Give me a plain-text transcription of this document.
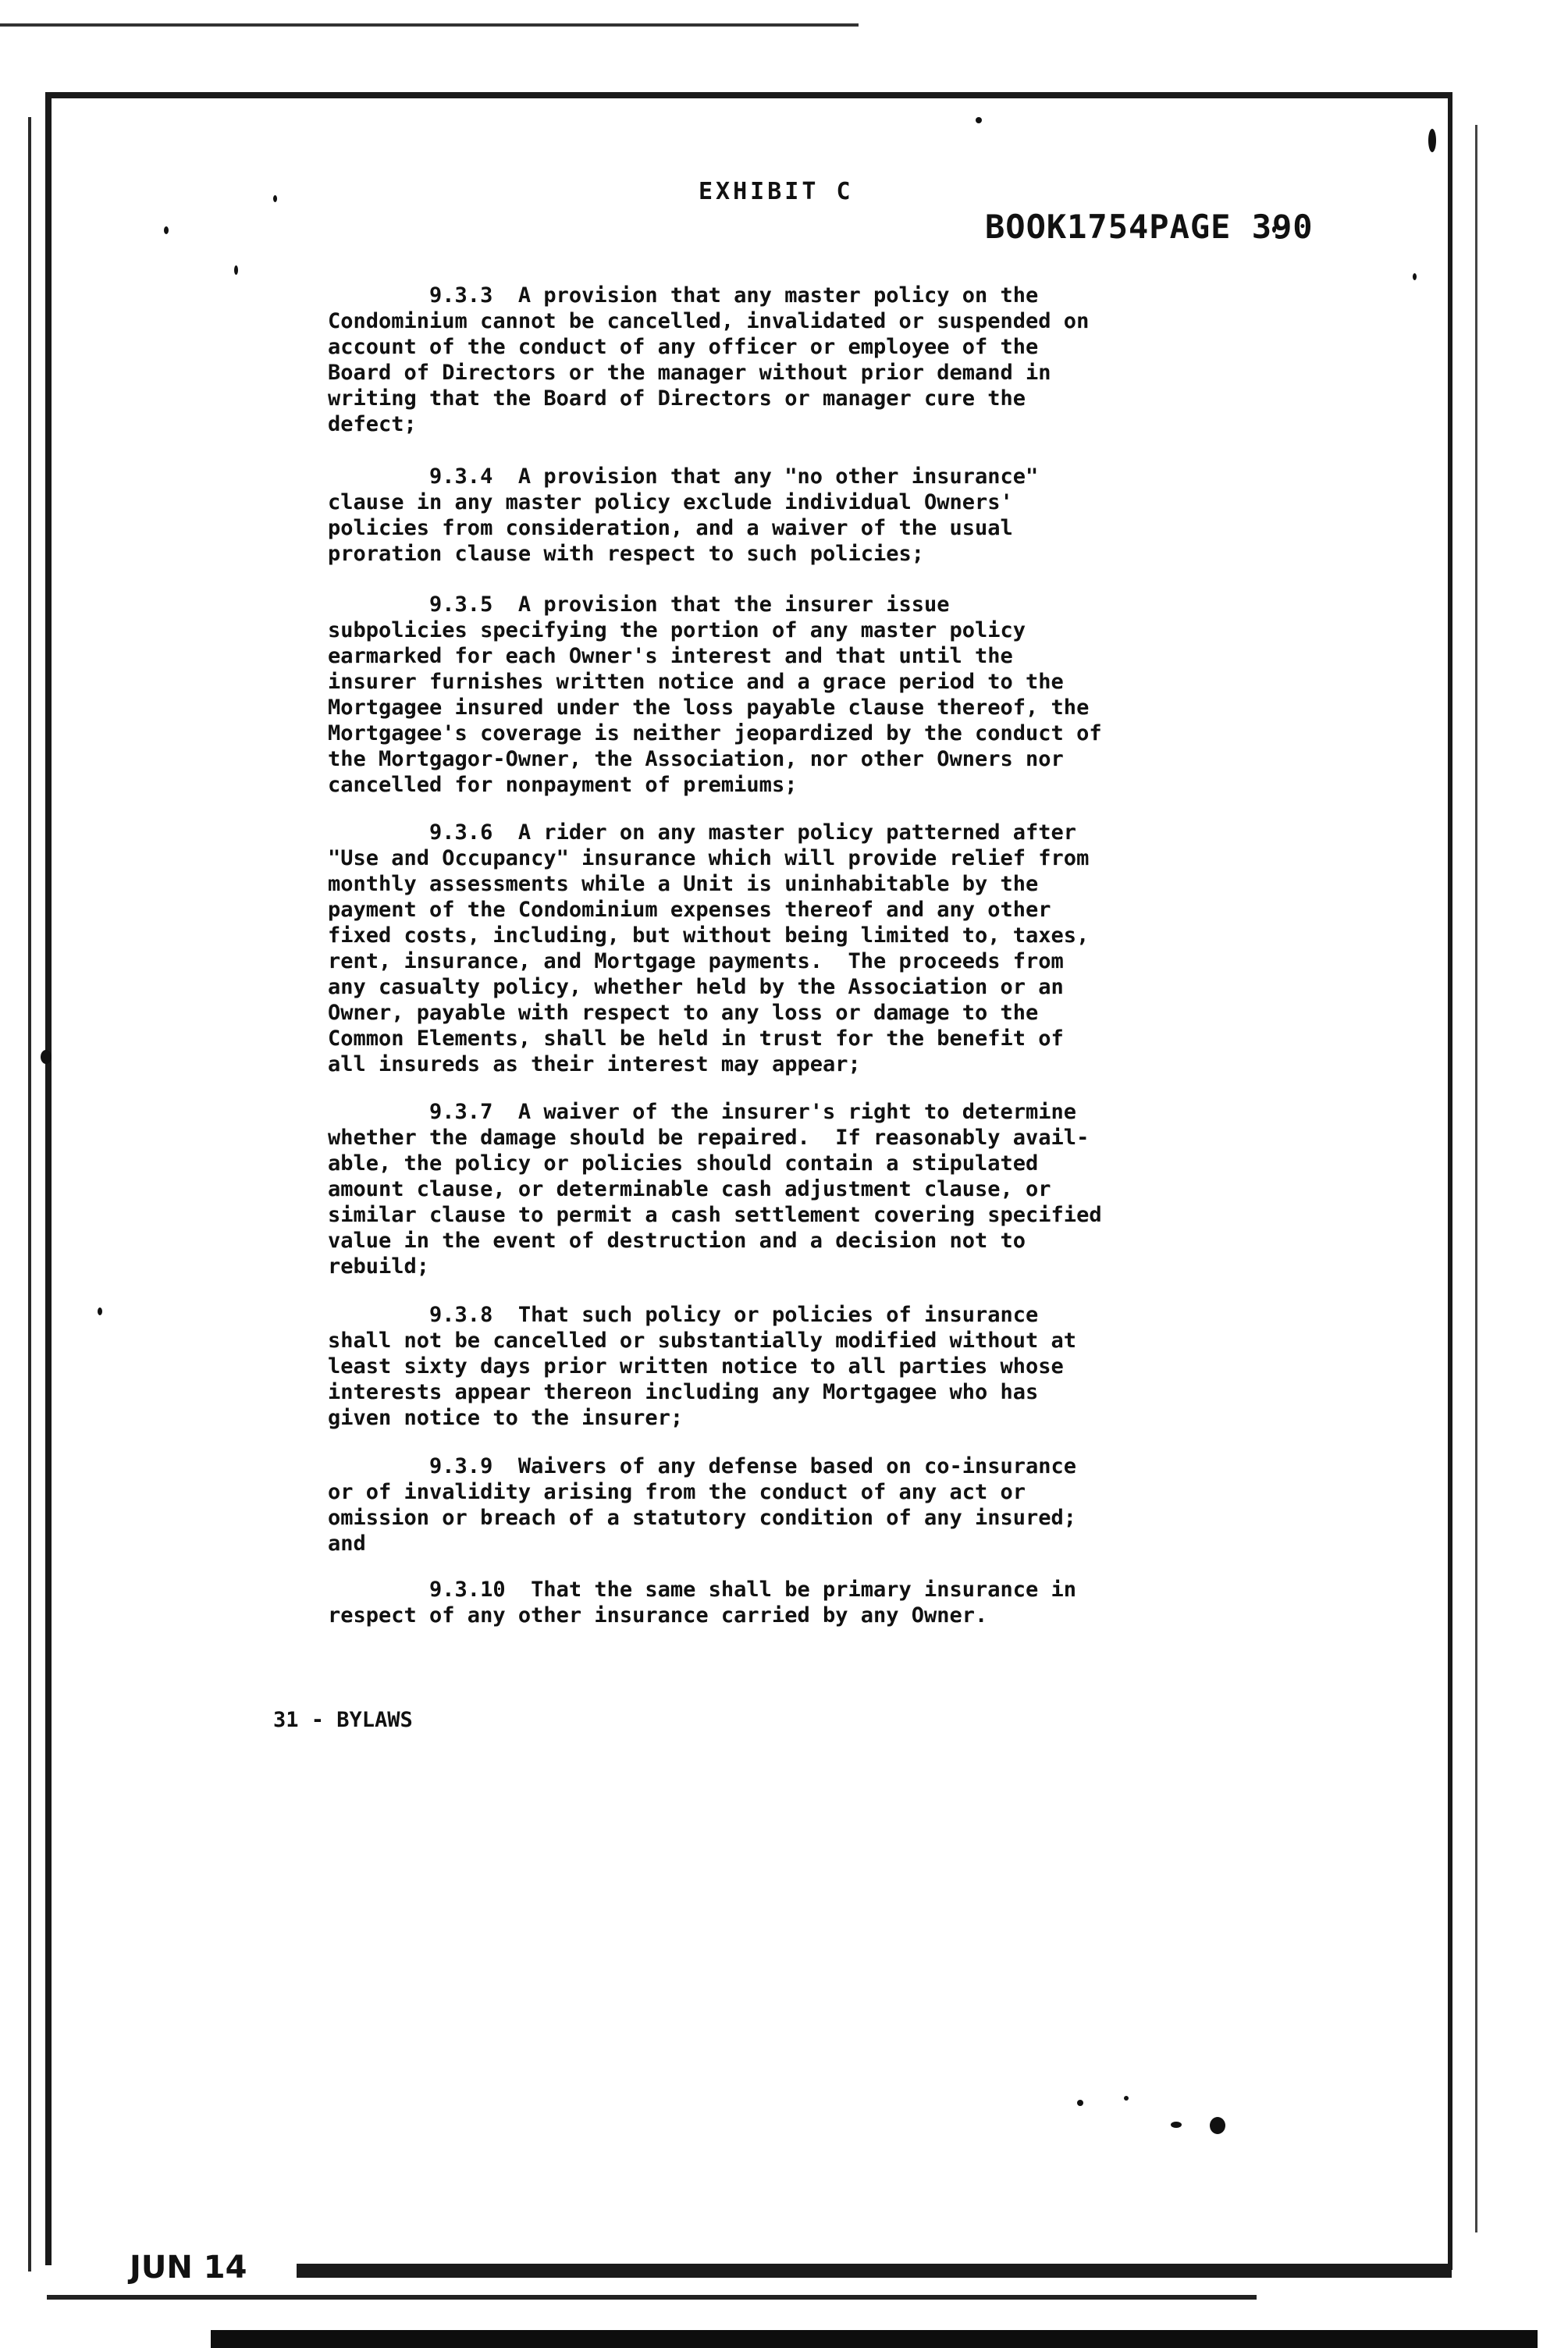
EXHIBIT C
BOOK1754PAGE 390
9.3.3  A provision that any master policy on the
Condominium cannot be cancelled, invalidated or suspended on
account of the conduct of any officer or employee of the
Board of Directors or the manager without prior demand in
writing that the Board of Directors or manager cure the
defect;
9.3.4  A provision that any "no other insurance"
clause in any master policy exclude individual Owners'
policies from consideration, and a waiver of the usual
proration clause with respect to such policies;
9.3.5  A provision that the insurer issue
subpolicies specifying the portion of any master policy
earmarked for each Owner's interest and that until the
insurer furnishes written notice and a grace period to the
Mortgagee insured under the loss payable clause thereof, the
Mortgagee's coverage is neither jeopardized by the conduct of
the Mortgagor-Owner, the Association, nor other Owners nor
cancelled for nonpayment of premiums;
9.3.6  A rider on any master policy patterned after
"Use and Occupancy" insurance which will provide relief from
monthly assessments while a Unit is uninhabitable by the
payment of the Condominium expenses thereof and any other
fixed costs, including, but without being limited to, taxes,
rent, insurance, and Mortgage payments.  The proceeds from
any casualty policy, whether held by the Association or an
Owner, payable with respect to any loss or damage to the
Common Elements, shall be held in trust for the benefit of
all insureds as their interest may appear;
9.3.7  A waiver of the insurer's right to determine
whether the damage should be repaired.  If reasonably avail-
able, the policy or policies should contain a stipulated
amount clause, or determinable cash adjustment clause, or
similar clause to permit a cash settlement covering specified
value in the event of destruction and a decision not to
rebuild;
9.3.8  That such policy or policies of insurance
shall not be cancelled or substantially modified without at
least sixty days prior written notice to all parties whose
interests appear thereon including any Mortgagee who has
given notice to the insurer;
9.3.9  Waivers of any defense based on co-insurance
or of invalidity arising from the conduct of any act or
omission or breach of a statutory condition of any insured;
and
9.3.10  That the same shall be primary insurance in
respect of any other insurance carried by any Owner.
31 - BYLAWS
JUN 14
